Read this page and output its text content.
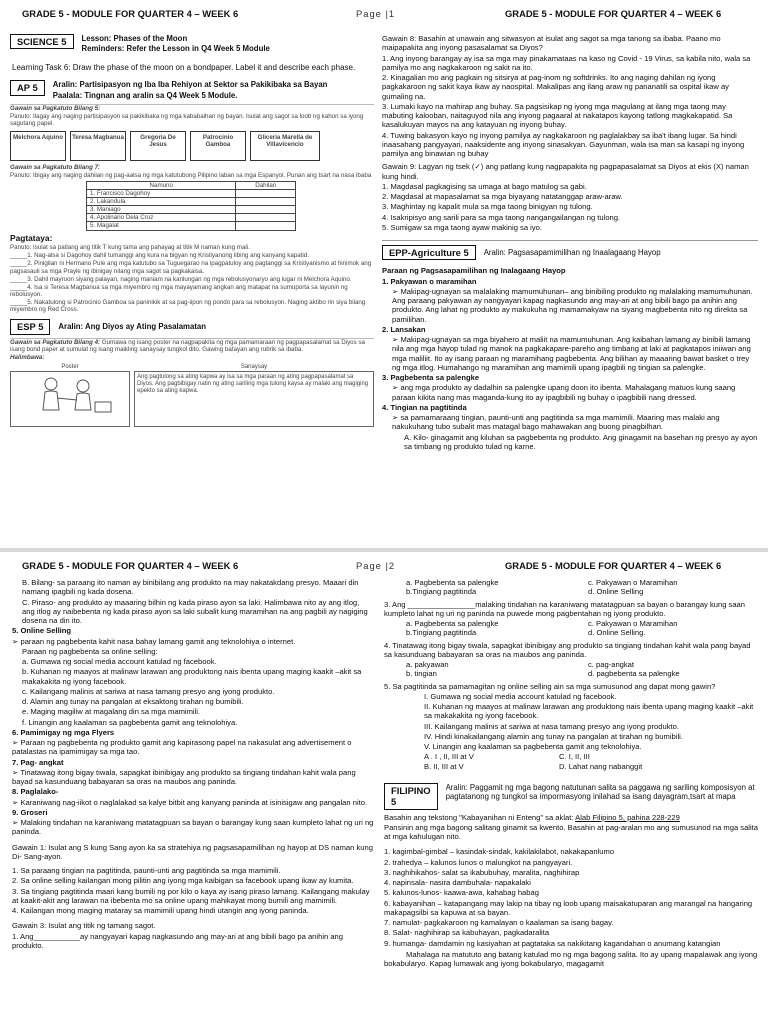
GRADE 5 - MODULE FOR QUARTER 4 – WEEK 6	Page |1	GRADE 5 - MODULE FOR QUARTER 4 – WEEK 6
SCIENCE 5	Lesson: Phases of the Moon

Reminders: Refer the Lesson in Q4 Week 5 Module

Learning Task 6: Draw the phase of the moon on a bondpaper. Label it and describe each phase.

AP 5	Aralin: Partisipasyon ng Iba Iba Rehiyon at Sektor sa Pakikibaka sa Bayan

Paalala: Tingnan ang aralin sa Q4 Week 5 Module.

Gawain sa Pagkatuto Bilang 5:

Panuto: Ilagay ang naging partisipasyon sa pakikibaka ng mga kababaihan ng bayan. Isulat ang sagot sa loob ng kahon sa iyong sagutang papel.

Melchora Aquino	Teresa Magbanua	Gregoria De Jesus
Patrocinio Gamboa
Gliceria Marella de Villavicencio

Gawain sa Pagkatuto Bilang 7:

Panuto: Ibigay ang naging dahilan ng pag-aalsa ng mga katutubong Pilipino laban sa mga Espanyol. Punan ang tsart na nasa ibaba

Namuno	Dahilan
1. Francisco Dagohoy	
2. Lakandula	
3. Maniago	
4. Apolinario Dela Cruz	
5. Magalat	

Pagtataya:

Panuto: Isulat sa patlang ang titik T kung tama ang pahayag at titik M naman kung mali.

_____1. Nag-alsa si Dagohoy dahil tumanggi ang kura na bigyan ng Kristiyanong libing ang kanyang kapatid.

_____2. Pinigilan ni Hermano Pule ang mga katutubo sa Tuguegarao na ipagpatuloy ang pagtanggi sa Kristiyanismo at hinimok ang pagsasauli sa mga Prayle ng ibinigay nilang mga sagot sa pagkakaisa.

_____3. Dahil mayroon siyang palayan, naging maniam na kanlungan ng mga rebolusyonaryo ang lugar ni Melchora Aquino.

_____4. Isa si Teresa Magbanua sa mga miyembro ng mga mayayamang angkan ang matapat na sumuporta sa layunin ng rebolusyon.

_____5. Nakatulong si Patrocinio Gamboa sa paninikik at sa pag-iipon ng pondo para sa rebolusyon. Naging aktibo rin siya bilang miyembro ng Red Cross.

ESP 5	Aralin: Ang Diyos ay Ating Pasalamatan

Gawain sa Pagkatuto Bilang 4: Gumawa ng isang poster na nagpapakita ng mga pamamaraan ng pagpapasalamat sa Diyos sa isang bond paper at sumulat ng isang maikling sanaysay tungkol dito. Gawing batayan ang rubrik sa ibaba.

Halimbawa:

Poster	Sanaysay
Ang pagtulong sa ating kapwa ay isa sa mga paraan ng ating pagpapasalamat sa Diyos. Ang pagbibigay natin ng ating sariling mga tulong kaysa ay malaki ang magiging epekto sa ating kapwa.

Gawain 8: Basahin at unawain ang sitwasyon at isulat ang sagot sa mga tanong sa ibaba. Paano mo maipapakita ang inyong pasasalamat sa Diyos?

1. Ang inyong barangay ay isa sa mga may pinakamataas na kaso ng Covid - 19 Virus, sa kabila nito, wala sa pamilya mo ang nagkakaroon ng sakit na ito.

2. Kinagalian mo ang pagkain ng sitsirya at pag-inom ng softdrinks. Ito ang naging dahilan ng iyong pagkakaroon ng sakit kaya ikaw ay naospital. Makalipas ang ilang araw ng pananatili sa ospital ikaw ay gumaling na.

3. Lumaki kayo na mahirap ang buhay. Sa pagsisikap ng iyong mga magulang at ilang mga taong may mabuting kalooban, naitaguyod nila ang inyong pagaaral at nakatapos kayong tatlong magkakapatid. Sa kasalukuyan mayos na ang katayuan ng inyong buhay.

4. Tuwing bakasyon kayo ng inyong pamilya ay nagkakaroon ng paglalakbay sa iba't ibang lugar. Sa hindi inaasahang pangyayari, naaksidente ang inyong sinasakyan. Gayunman, wala isa man sa kasapi ng inyong pamilya ang binawian ng buhay

Gawain 9: Lagyan ng tsek (✓) ang patlang kung nagpapakita ng pagpapasalamat sa Diyos at ekis (X) naman kung hindi.

1. Magdasal pagkagising sa umaga at bago matulog sa gabi.

2. Magdasal at mapasalamat sa mga biyayang natatanggap araw-araw.

3. Maghintay ng kapalit mula sa mga taong binigyan ng tulong.

4. Isakripisyo ang sarili para sa mga taong nangangailangan ng tulong.

5. Sumigaw sa mga taong ayaw makinig sa iyo.

EPP-Agriculture 5	Aralin: Pagsasapamimilihan ng Inaalagaang Hayop

Paraan ng Pagsasapamilihan ng Inalagaang Hayop

1. Pakyawan o maramihan

➢ Makipag-ugnayan sa malalaking mamumuhunan– ang binibiling produkto ng malalaking mamumuhunan. Ang paraang pakyawan ay nangyayari kapag nagkasundo ang may-ari at ang bibili bago pa anihin ang produkto. Ang lahat ng produkto ay makukuha ng mamamakyaw na siyang magbebenta nito ng direkta sa pamilihan.

2. Lansakan

➢ Makipag-ugnayan sa mga biyahero at maliit na mamumuhunan. Ang kaibahan lamang ay binibili lamang nila ang mga hayop tulad ng manok na pagkakapare-pareho ang timbang at laki at pagkatapos iniiwan ang mga maliliit. Ito ay isang paraan ng maramihang pagbebenta. Ang bilihan ay maaaring bawat basket o trey ng mga itlog. Humahango ng maramihan ang mamimili upang ipagbili ng tingian sa palengke.

3. Pagbebenta sa palengke

➢ ang mga produkto ay dadalhin sa palengke upang doon ito ibenta. Mahalagang matuos kung saang paraan kikita nang mas maganda-kung ito ay ipagbibili ng buhay o ipagbibili nang dressed.

4. Tingian na pagtitinda

➢ sa pamamaraang tingian, paunti-unti ang pagtitinda sa mga mamimili. Maaring mas malaki ang nakukuhang tubo subalit mas matagal bago mahawakan ang buong pinagbilhan.

A. Kilo- ginagamit ang kiluhan sa pagbebenta ng produkto. Ang ginagamit na basehan ng presyo ay ayon sa timbang ng produkto tulad ng karne.

GRADE 5 - MODULE FOR QUARTER 4 – WEEK 6	Page |2	GRADE 5 - MODULE FOR QUARTER 4 – WEEK 6

B. Bilang- sa paraang ito naman ay binibilang ang produkto na may nakatakdang presyo. Maaari din namang ipagbili ng kada dosena.

C. Piraso- ang produkto ay maaaring bilhin ng kada piraso ayon sa laki. Halimbawa nito ay ang itlog, ang itlog ay naibebenta ng kada piraso ayon sa laki subalit kung maramihan na ang pagbili ay nagiging dosena na din ito.

5. Online Selling

➢ paraan ng pagbebenta kahit nasa bahay lamang gamit ang teknolohiya o internet.

Paraan ng pagbebenta sa online selling:

a. Gumawa ng social media account katulad ng facebook.

b. Kuhanan ng maayos at malinaw larawan ang produktong nais ibenta upang maging kaakit –akit sa makakakita ng iyong facebook.

c. Kailangang malinis at sariwa at nasa tamang presyo ang iyong produkto.

d. Alamin ang tunay na pangalan at eksaktong tirahan ng bumibili.

e. Maging magiliw at magalang din sa mga mamimili.

f. Linangin ang kaalaman sa pagbebenta gamit ang teknolohiya.

6. Pamimigay ng mga Flyers

➢ Paraan ng pagbebenta ng produkto gamit ang kapirasong papel na nakasulat ang advertisement o patalastas na ipamimigay sa mga tao.

7. Pag- angkat

➢ Tinatawag itong bigay tiwala, sapagkat ibinibigay ang produkto sa tingiang tindahan kahit wala pang bayad sa kasunduang babayaran sa oras na maubos ang paninda.

8. Paglalako-

➢ Karaniwang nag-iikot o naglalakad sa kalye bitbit ang kanyang paninda at isinisigaw ang pangalan nito.

9. Groseri

➢ Malaking tindahan na karaniwang matatagpuan sa bayan o barangay kung saan kumpleto lahat ng uri ng paninda.

Gawain 1: Isulat ang S kung Sang ayon ka sa stratehiya ng pagsasapamilihan ng hayop at DS naman kung Di- Sang-ayon.

1. Sa paraang tingian na pagtitinda, paunti-unti ang pagtitinda sa mga mamimili.

2. Sa online selling kailangan mong pilitin ang iyong mga kaibigan sa facebook upang ikaw ay kumita.

3. Sa tingiang pagtitinda maari kang bumili ng por kilo o kaya ay isang piraso lamang. Kailangang makulay at kaakit-akit ang larawan na ibebenta mo sa online upang mahikayat mong bumili ang mamimili.

4. Kailangan mong maging mataray sa mamimili upang hindi utangin ang iyong paninda.

Gawain 3: Isulat ang titik ng tamang sagot.

1. Ang___________ay nangyayari kapag nagkasundo ang may-ari at ang bibili bago pa anihin ang produkto.

a. Pagbebenta sa palengke	c. Pakyawan o Maramihan
b.Tingiang pagtitinda	d. Online Selling

3. Ang ________________malaking tindahan na karaniwang matatagpuan sa bayan o barangay kung saan kumpleto lahat ng uri ng paninda na puwede mong pagbentahan ng iyong produkto.

a. Pagbebenta sa palengke	c. Pakyawan o Maramihan
b.Tingiang pagtitinda	d. Online Selling.

4. Tinatawag itong bigay tiwala, sapagkat ibinibigay ang produkto sa tingiang tindahan kahit wala pang bayad sa kasunduang babayaran sa oras na maubos ang paninda.

a. pakyawan	c. pag-angkat
b. tingian	d. pagbebenta sa palengke

5. Sa pagtitinda sa pamamagitan ng online selling ain sa mga sumusunod ang dapat mong gawin?

I. Gumawa ng social media account katulad ng facebook.

II. Kuhanan ng maayos at malinaw larawan ang produktong nais ibenta upang maging kaakit –akit sa makakakita ng iyong facebook.

III. Kailangang malinis at sariwa at nasa tamang presyo ang iyong produkto.

IV. Hindi kinakailangang alamin ang tunay na pangalan at tirahan ng bumibili.

V. Linangin ang kaalaman sa pagbebenta gamit ang teknolohiya.

A . I , II, III at V	C. I, II, III
B. II, III at V	D. Lahat nang nabanggit
FILIPINO 5

Aralin: Paggamit ng mga bagong natutunan salita sa paggawa ng sariling komposisyon at pagtatanong ng tungkol sa impormasyong inilahad sa isang dayagram,tsart at mapa

Basahin ang tekstong "Kabayanihan ni Enteng" sa aklat: Alab Filipino 5, pahina 228-229

Pansinin ang mga bagong salitang ginamit sa kwento. Basahin at pag-aralan mo ang sumusunod na mga salita at mga kahulugan nito.

1. kagimbal-gimbal – kasindak-sindak, kakilakilabot, nakakapanlumo

2. trahedya – kalunos lunos o malungkot na pangyayari.

3. naghihikahos- salat sa ikabubuhay, maralita, naghihirap

4. napinsala- nasira dambuhala- napakalaki

5. kalunos-lunos- kaawa-awa, kahabag habag

6. kabayanihan – katapangang may lakip na tibay ng loob upang maisakatuparan ang marangal na hangaring makapagsilbi sa kapuwa at sa bayan.

7. namulat- pagkakaroon ng kamalayan o kaalaman sa isang bagay.

8. Salat- naghihirap sa kabuhayan, pagkadaralita

9. humanga- damdamin ng kasiyahan at pagtataka sa nakikitang kagandahan o anumang katangian

Mahalaga na matututo ang batang katulad mo ng mga bagong salita. Ito ay upang mapalawak ang iyong bokabularyo. Kapag lumawak ang iyong bokabularyo, magagamit
